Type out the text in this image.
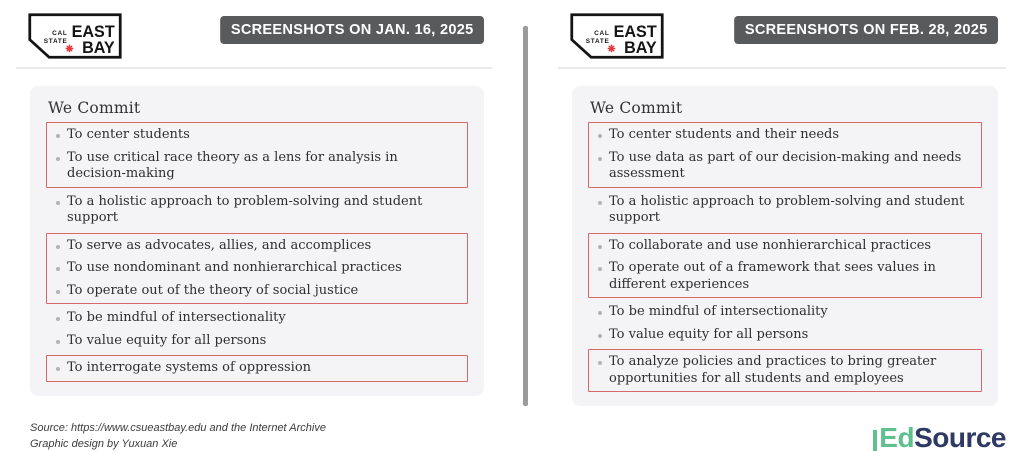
CAL
STATE
EAST
BAY
SCREENSHOTS ON JAN. 16, 2025
We Commit
To center students
To use critical race theory as a lens for analysis in decision-making
To a holistic approach to problem-solving and student support
To serve as advocates, allies, and accomplices
To use nondominant and nonhierarchical practices
To operate out of the theory of social justice
To be mindful of intersectionality
To value equity for all persons
To interrogate systems of oppression
CAL
STATE
EAST
BAY
SCREENSHOTS ON FEB. 28, 2025
We Commit
To center students and their needs
To use data as part of our decision-making and needs assessment
To a holistic approach to problem-solving and student support
To collaborate and use nonhierarchical practices
To operate out of a framework that sees values in different experiences
To be mindful of intersectionality
To value equity for all persons
To analyze policies and practices to bring greater opportunities for all students and employees
Source: https://www.csueastbay.edu and the Internet Archive
Graphic design by Yuxuan Xie	Ed Source
